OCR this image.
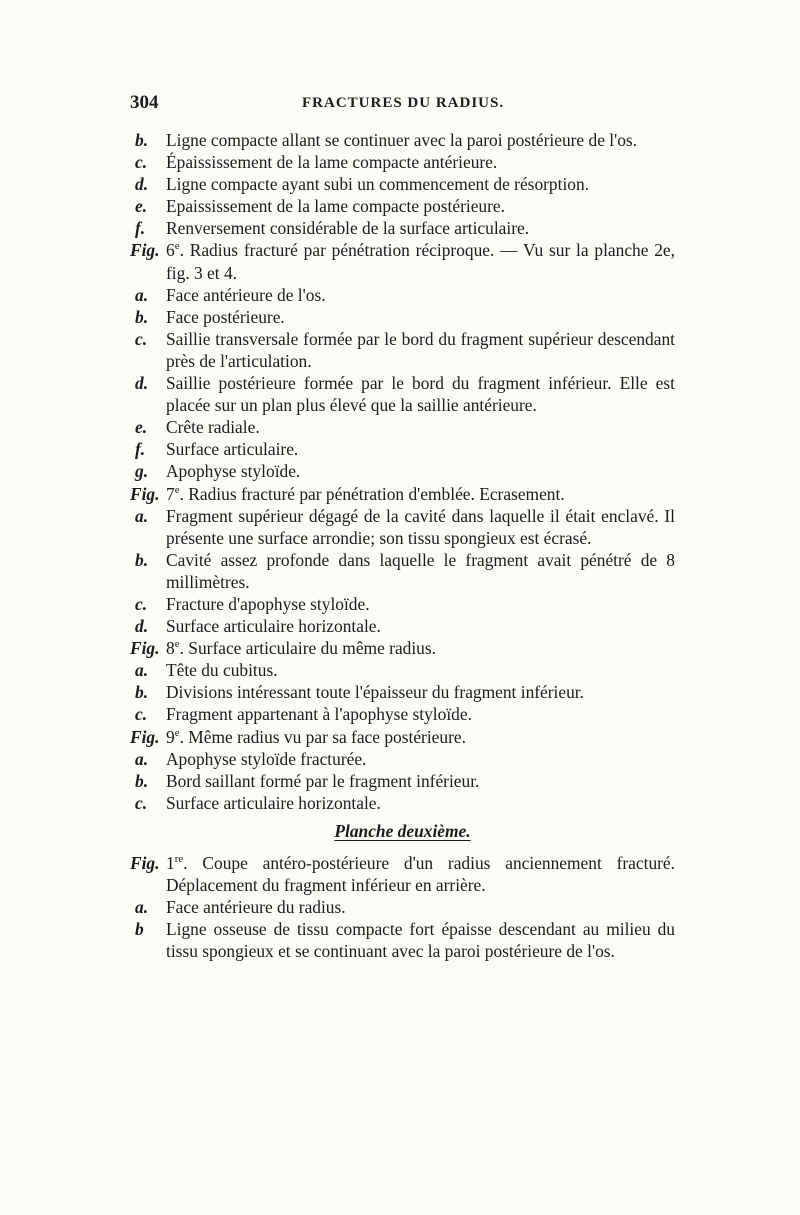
304	FRACTURES DU RADIUS.
b. Ligne compacte allant se continuer avec la paroi postérieure de l'os.
c. Épaississement de la lame compacte antérieure.
d. Ligne compacte ayant subi un commencement de résorption.
e. Epaississement de la lame compacte postérieure.
f. Renversement considérable de la surface articulaire.
Fig. 6e. Radius fracturé par pénétration réciproque. — Vu sur la planche 2e, fig. 3 et 4.
a. Face antérieure de l'os.
b. Face postérieure.
c. Saillie transversale formée par le bord du fragment supérieur descendant près de l'articulation.
d. Saillie postérieure formée par le bord du fragment inférieur. Elle est placée sur un plan plus élevé que la saillie antérieure.
e. Crête radiale.
f. Surface articulaire.
g. Apophyse styloïde.
Fig. 7e. Radius fracturé par pénétration d'emblée. Ecrasement.
a. Fragment supérieur dégagé de la cavité dans laquelle il était enclavé. Il présente une surface arrondie; son tissu spongieux est écrasé.
b. Cavité assez profonde dans laquelle le fragment avait pénétré de 8 millimètres.
c. Fracture d'apophyse styloïde.
d. Surface articulaire horizontale.
Fig. 8e. Surface articulaire du même radius.
a. Tête du cubitus.
b. Divisions intéressant toute l'épaisseur du fragment inférieur.
c. Fragment appartenant à l'apophyse styloïde.
Fig. 9e. Même radius vu par sa face postérieure.
a. Apophyse styloïde fracturée.
b. Bord saillant formé par le fragment inférieur.
c. Surface articulaire horizontale.
Planche deuxième.
Fig. 1re. Coupe antéro-postérieure d'un radius anciennement fracturé. Déplacement du fragment inférieur en arrière.
a. Face antérieure du radius.
b Ligne osseuse de tissu compacte fort épaisse descendant au milieu du tissu spongieux et se continuant avec la paroi postérieure de l'os.
